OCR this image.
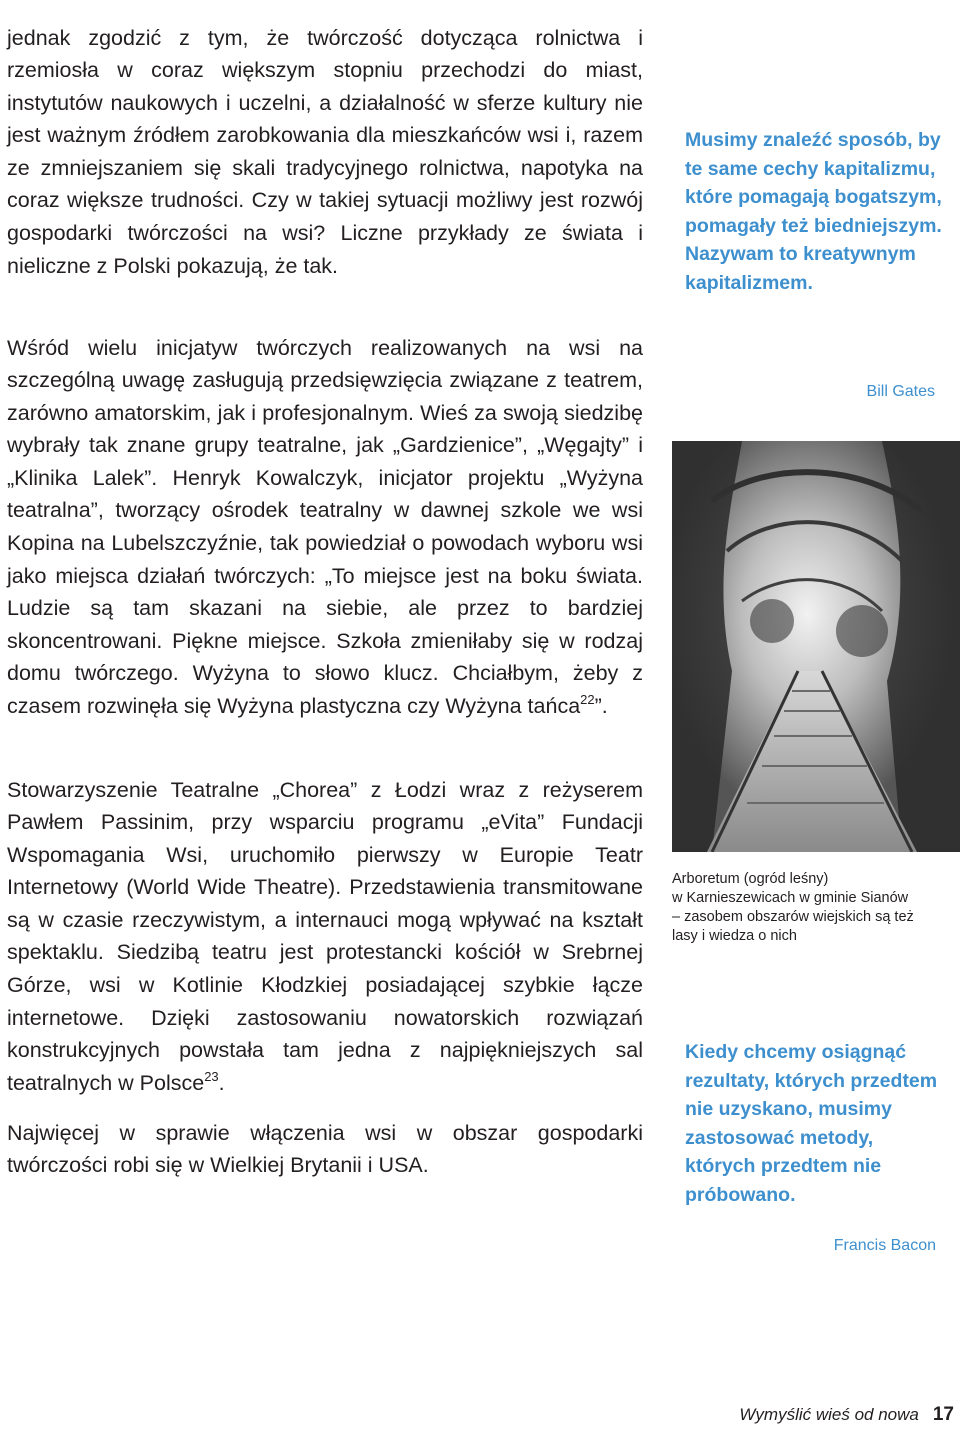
jednak zgodzić z tym, że twórczość dotycząca rolnictwa i rzemiosła w coraz większym stopniu przechodzi do miast, instytutów naukowych i uczelni, a działalność w sferze kultury nie jest ważnym źródłem zarobkowania dla mieszkańców wsi i, razem ze zmniejszaniem się skali tradycyjnego rolnictwa, napotyka na coraz większe trudności. Czy w takiej sytuacji możliwy jest rozwój gospodarki twórczości na wsi? Liczne przykłady ze świata i nieliczne z Polski pokazują, że tak.

Wśród wielu inicjatyw twórczych realizowanych na wsi na szczególną uwagę zasługują przedsięwzięcia związane z teatrem, zarówno amatorskim, jak i profesjonalnym. Wieś za swoją siedzibę wybrały tak znane grupy teatralne, jak „Gardzienice”, „Węgajty” i „Klinika Lalek”. Henryk Kowalczyk, inicjator projektu „Wyżyna teatralna”, tworzący ośrodek teatralny w dawnej szkole we wsi Kopina na Lubelszczyźnie, tak powiedział o powodach wyboru wsi jako miejsca działań twórczych: „To miejsce jest na boku świata. Ludzie są tam skazani na siebie, ale przez to bardziej skoncentrowani. Piękne miejsce. Szkoła zmieniłaby się w rodzaj domu twórczego. Wyżyna to słowo klucz. Chciałbym, żeby z czasem rozwinęła się Wyżyna plastyczna czy Wyżyna tańca$^{22}$”.

Stowarzyszenie Teatralne „Chorea” z Łodzi wraz z reżyserem Pawłem Passinim, przy wsparciu programu „eVita” Fundacji Wspomagania Wsi, uruchomiło pierwszy w Europie Teatr Internetowy (World Wide Theatre). Przedstawienia transmitowane są w czasie rzeczywistym, a internauci mogą wpływać na kształt spektaklu. Siedzibą teatru jest protestancki kościół w Srebrnej Górze, wsi w Kotlinie Kłodzkiej posiadającej szybkie łącze internetowe. Dzięki zastosowaniu nowatorskich rozwiązań konstrukcyjnych powstała tam jedna z najpiękniejszych sal teatralnych w Polsce$^{23}$.

Najwięcej w sprawie włączenia wsi w obszar gospodarki twórczości robi się w Wielkiej Brytanii i USA.

Musimy znaleźć sposób, by te same cechy kapitalizmu, które pomagają bogatszym, pomagały też biedniejszym. Nazywam to kreatywnym kapitalizmem.
Bill Gates
Arboretum (ogród leśny)
w Karnieszewicach w gminie Sianów
– zasobem obszarów wiejskich są też
lasy i wiedza o nich
Kiedy chcemy osiągnąć rezultaty, których przedtem nie uzyskano, musimy zastosować metody, których przedtem nie próbowano.
Francis Bacon
Wymyślić wieś od nowa 17
